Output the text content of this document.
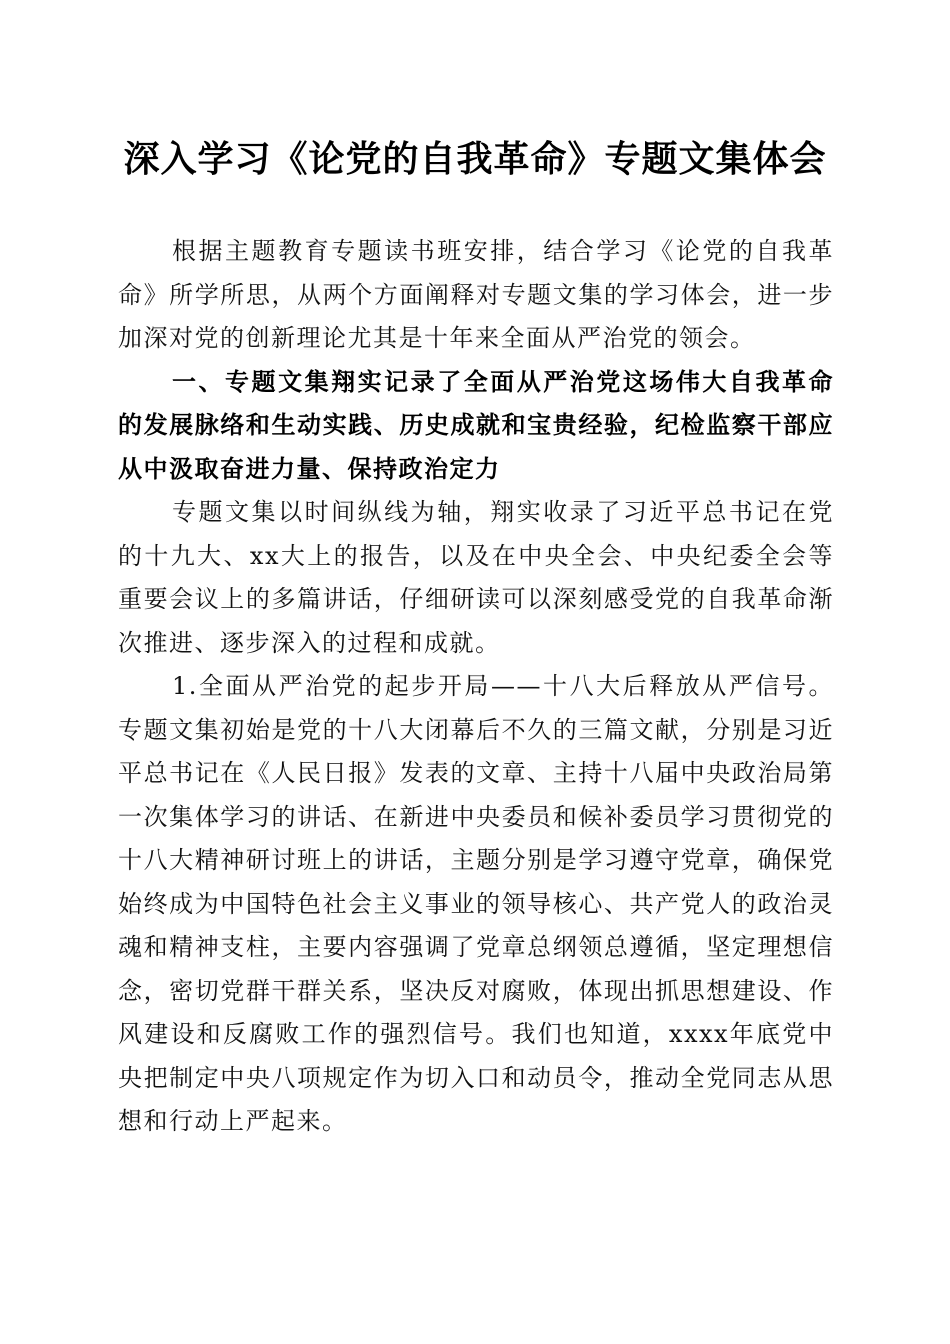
深入学习《论党的自我革命》专题文集体会

根据主题教育专题读书班安排，结合学习《论党的自我革命》所学所思，从两个方面阐释对专题文集的学习体会，进一步加深对党的创新理论尤其是十年来全面从严治党的领会。

一、专题文集翔实记录了全面从严治党这场伟大自我革命的发展脉络和生动实践、历史成就和宝贵经验，纪检监察干部应从中汲取奋进力量、保持政治定力

专题文集以时间纵线为轴，翔实收录了习近平总书记在党的十九大、xx大上的报告，以及在中央全会、中央纪委全会等重要会议上的多篇讲话，仔细研读可以深刻感受党的自我革命渐次推进、逐步深入的过程和成就。

1.全面从严治党的起步开局——十八大后释放从严信号。专题文集初始是党的十八大闭幕后不久的三篇文献，分别是习近平总书记在《人民日报》发表的文章、主持十八届中央政治局第一次集体学习的讲话、在新进中央委员和候补委员学习贯彻党的十八大精神研讨班上的讲话，主题分别是学习遵守党章，确保党始终成为中国特色社会主义事业的领导核心、共产党人的政治灵魂和精神支柱，主要内容强调了党章总纲领总遵循，坚定理想信念，密切党群干群关系，坚决反对腐败，体现出抓思想建设、作风建设和反腐败工作的强烈信号。我们也知道，xxxx年底党中央把制定中央八项规定作为切入口和动员令，推动全党同志从思想和行动上严起来。
